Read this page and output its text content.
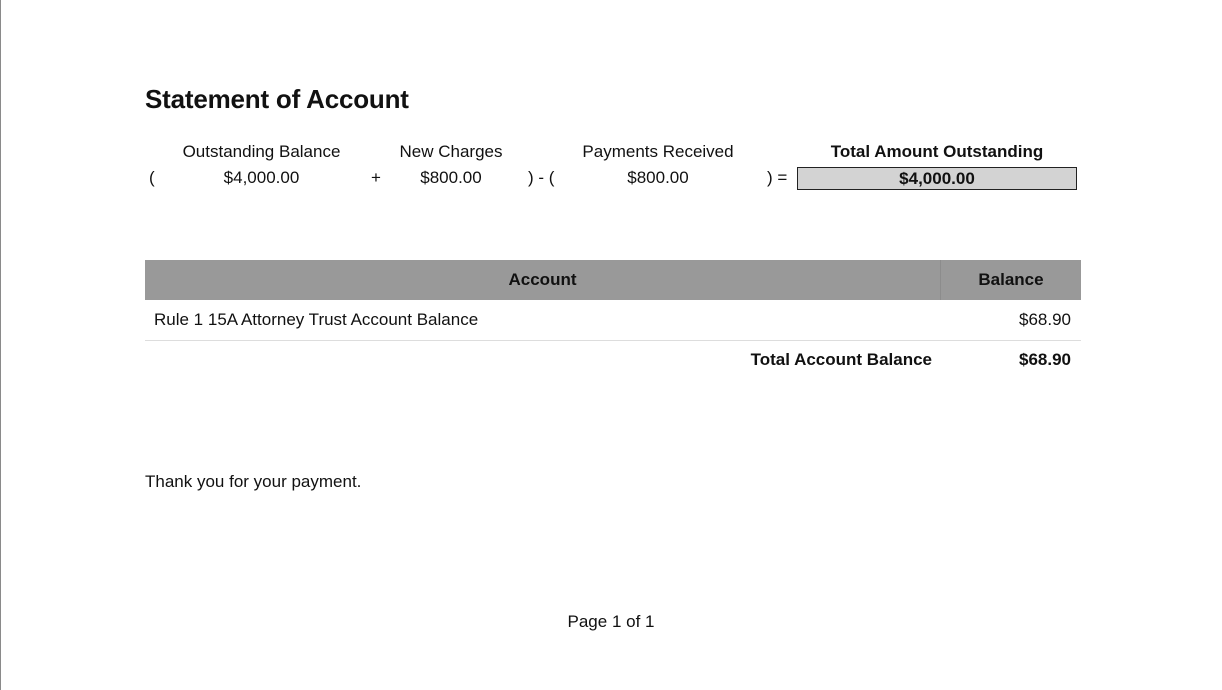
Statement of Account
Outstanding Balance	New Charges	Payments Received	Total Amount Outstanding
(	$4,000.00	+	$800.00	) - (	$800.00	) =	$4,000.00
Account	Balance
Rule 1 15A Attorney Trust Account Balance	$68.90
Total Account Balance	$68.90
Thank you for your payment.
Page 1 of 1
